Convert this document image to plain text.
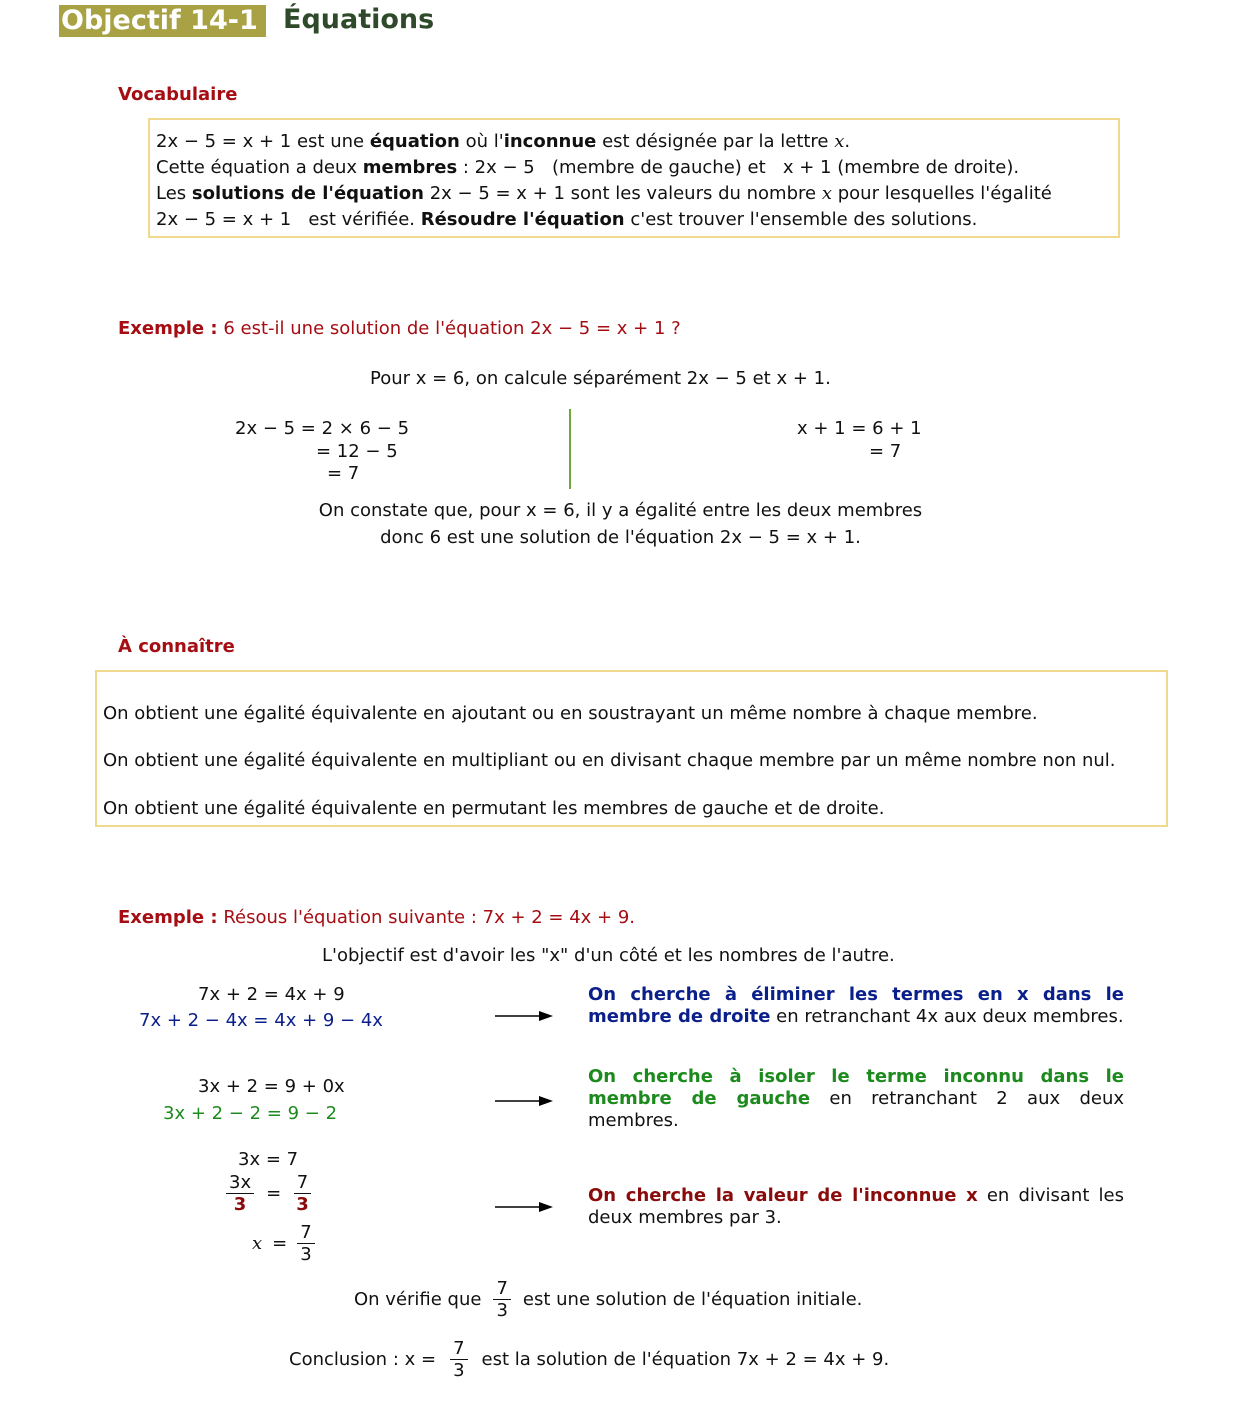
Objectif 14-1 Équations
Vocabulaire
2x − 5 = x + 1 est une équation où l'inconnue est désignée par la lettre x.
Cette équation a deux membres : 2x − 5 (membre de gauche) et x + 1 (membre de droite).
Les solutions de l'équation 2x − 5 = x + 1 sont les valeurs du nombre x pour lesquelles l'égalité
2x − 5 = x + 1 est vérifiée. Résoudre l'équation c'est trouver l'ensemble des solutions.
Exemple : 6 est-il une solution de l'équation 2x − 5 = x + 1 ?
Pour x = 6, on calcule séparément 2x − 5 et x + 1.
2x − 5 = 2 × 6 − 5
= 12 − 5
= 7
x + 1 = 6 + 1
= 7
On constate que, pour x = 6, il y a égalité entre les deux membres
donc 6 est une solution de l'équation 2x − 5 = x + 1.
À connaître
On obtient une égalité équivalente en ajoutant ou en soustrayant un même nombre à chaque membre.
On obtient une égalité équivalente en multipliant ou en divisant chaque membre par un même nombre non nul.
On obtient une égalité équivalente en permutant les membres de gauche et de droite.
Exemple : Résous l'équation suivante : 7x + 2 = 4x + 9.
L'objectif est d'avoir les "x" d'un côté et les nombres de l'autre.
7x + 2 = 4x + 9
7x + 2 − 4x = 4x + 9 − 4x
On cherche à éliminer les termes en x dans le membre de droite en retranchant 4x aux deux membres.
3x + 2 = 9 + 0x
3x + 2 − 2 = 9 − 2
On cherche à isoler le terme inconnu dans le membre de gauche en retranchant 2 aux deux membres.
3x = 7
$\frac{3x}{3} = \frac{7}{3}$
$x = \frac{7}{3}$
On cherche la valeur de l'inconnue x en divisant les deux membres par 3.
On vérifie que $\frac{7}{3}$ est une solution de l'équation initiale.
Conclusion : $x = \frac{7}{3}$ est la solution de l'équation 7x + 2 = 4x + 9.
